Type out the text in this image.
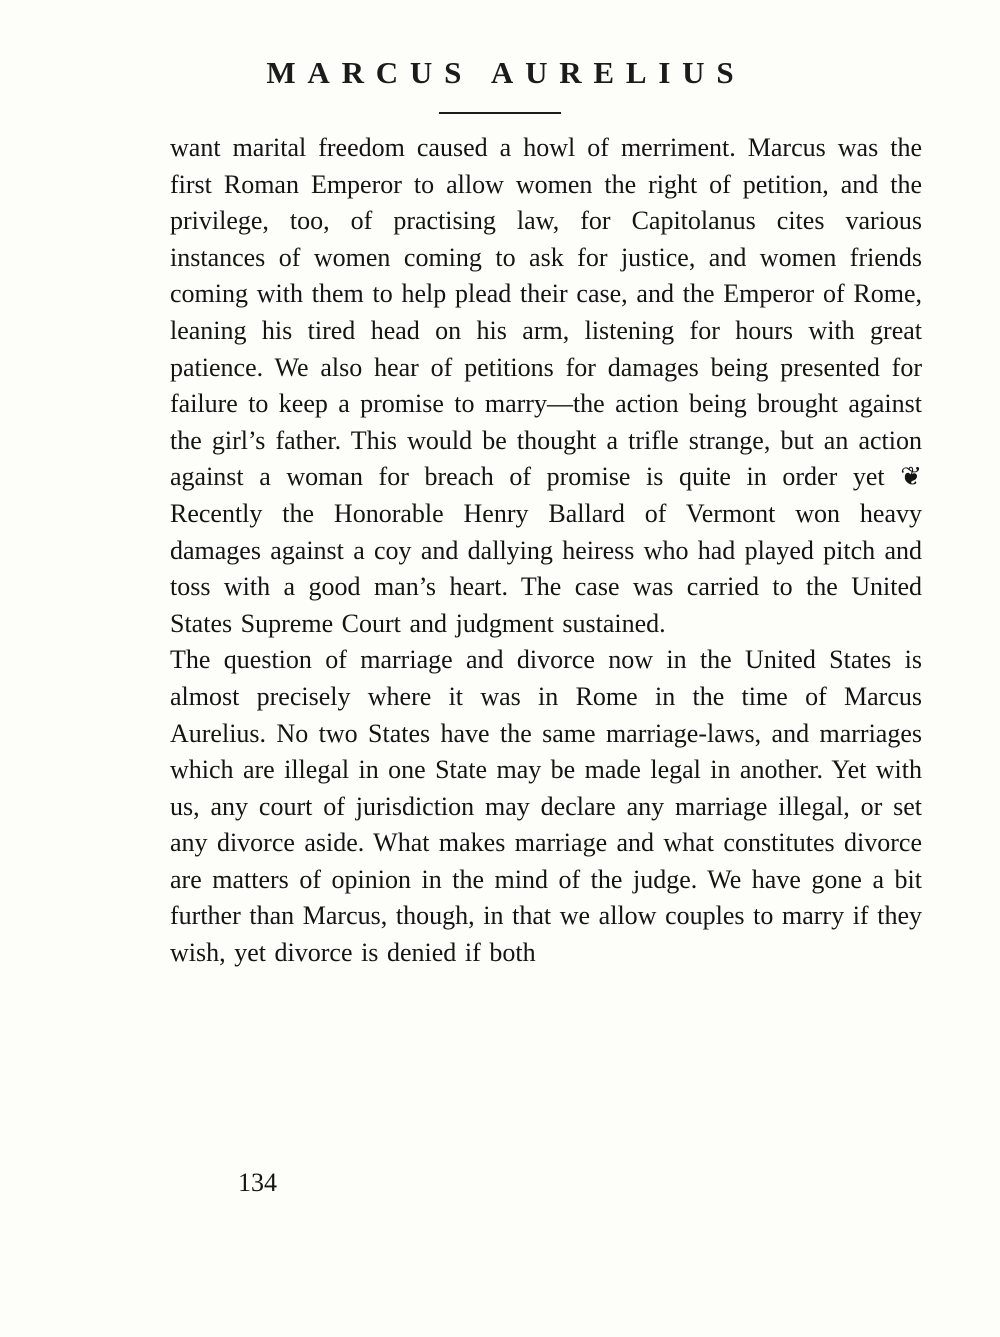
MARCUS AURELIUS

want marital freedom caused a howl of merriment. Marcus was the first Roman Emperor to allow women the right of petition, and the privilege, too, of practising law, for Capitolanus cites various instances of women coming to ask for justice, and women friends coming with them to help plead their case, and the Emperor of Rome, leaning his tired head on his arm, listening for hours with great patience. We also hear of petitions for damages being presented for failure to keep a promise to marry—the action being brought against the girl’s father. This would be thought a trifle strange, but an action against a woman for breach of promise is quite in order yet ❦ Recently the Honorable Henry Ballard of Vermont won heavy damages against a coy and dallying heiress who had played pitch and toss with a good man’s heart. The case was carried to the United States Supreme Court and judgment sustained.

The question of marriage and divorce now in the United States is almost precisely where it was in Rome in the time of Marcus Aurelius. No two States have the same marriage-laws, and marriages which are illegal in one State may be made legal in another. Yet with us, any court of jurisdiction may declare any marriage illegal, or set any divorce aside. What makes marriage and what constitutes divorce are matters of opinion in the mind of the judge. We have gone a bit further than Marcus, though, in that we allow couples to marry if they wish, yet divorce is denied if both

134
